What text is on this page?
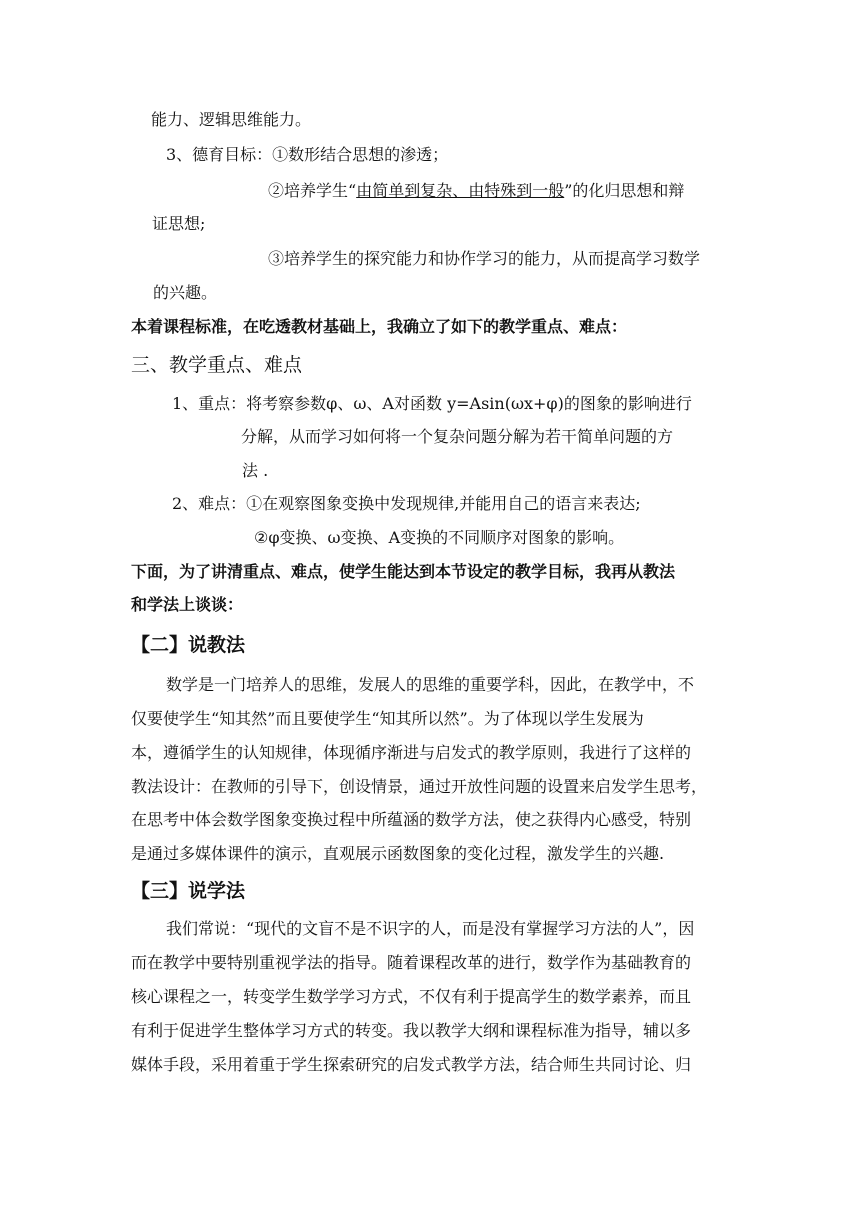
能力、逻辑思维能力。
3、德育目标：①数形结合思想的渗透；
②培养学生“由简单到复杂、由特殊到一般”的化归思想和辩
证思想;
③培养学生的探究能力和协作学习的能力，从而提高学习数学
的兴趣。
本着课程标准，在吃透教材基础上，我确立了如下的教学重点、难点：
三、教学重点、难点
1、重点：将考察参数φ、ω、A对函数 y=Asin(ωx+φ)的图象的影响进行
分解，从而学习如何将一个复杂问题分解为若干简单问题的方
法 .
2、难点：①在观察图象变换中发现规律,并能用自己的语言来表达;
②φ变换、ω变换、A变换的不同顺序对图象的影响。
下面，为了讲清重点、难点，使学生能达到本节设定的教学目标，我再从教法
和学法上谈谈：
【二】说教法
数学是一门培养人的思维，发展人的思维的重要学科，因此，在教学中，不
仅要使学生“知其然”而且要使学生“知其所以然”。为了体现以学生发展为
本，遵循学生的认知规律，体现循序渐进与启发式的教学原则，我进行了这样的
教法设计：在教师的引导下，创设情景，通过开放性问题的设置来启发学生思考，
在思考中体会数学图象变换过程中所蕴涵的数学方法，使之获得内心感受，特别
是通过多媒体课件的演示，直观展示函数图象的变化过程，激发学生的兴趣.
【三】说学法
我们常说：“现代的文盲不是不识字的人，而是没有掌握学习方法的人”，因
而在教学中要特别重视学法的指导。随着课程改革的进行，数学作为基础教育的
核心课程之一，转变学生数学学习方式，不仅有利于提高学生的数学素养，而且
有利于促进学生整体学习方式的转变。我以教学大纲和课程标准为指导，辅以多
媒体手段，采用着重于学生探索研究的启发式教学方法，结合师生共同讨论、归
